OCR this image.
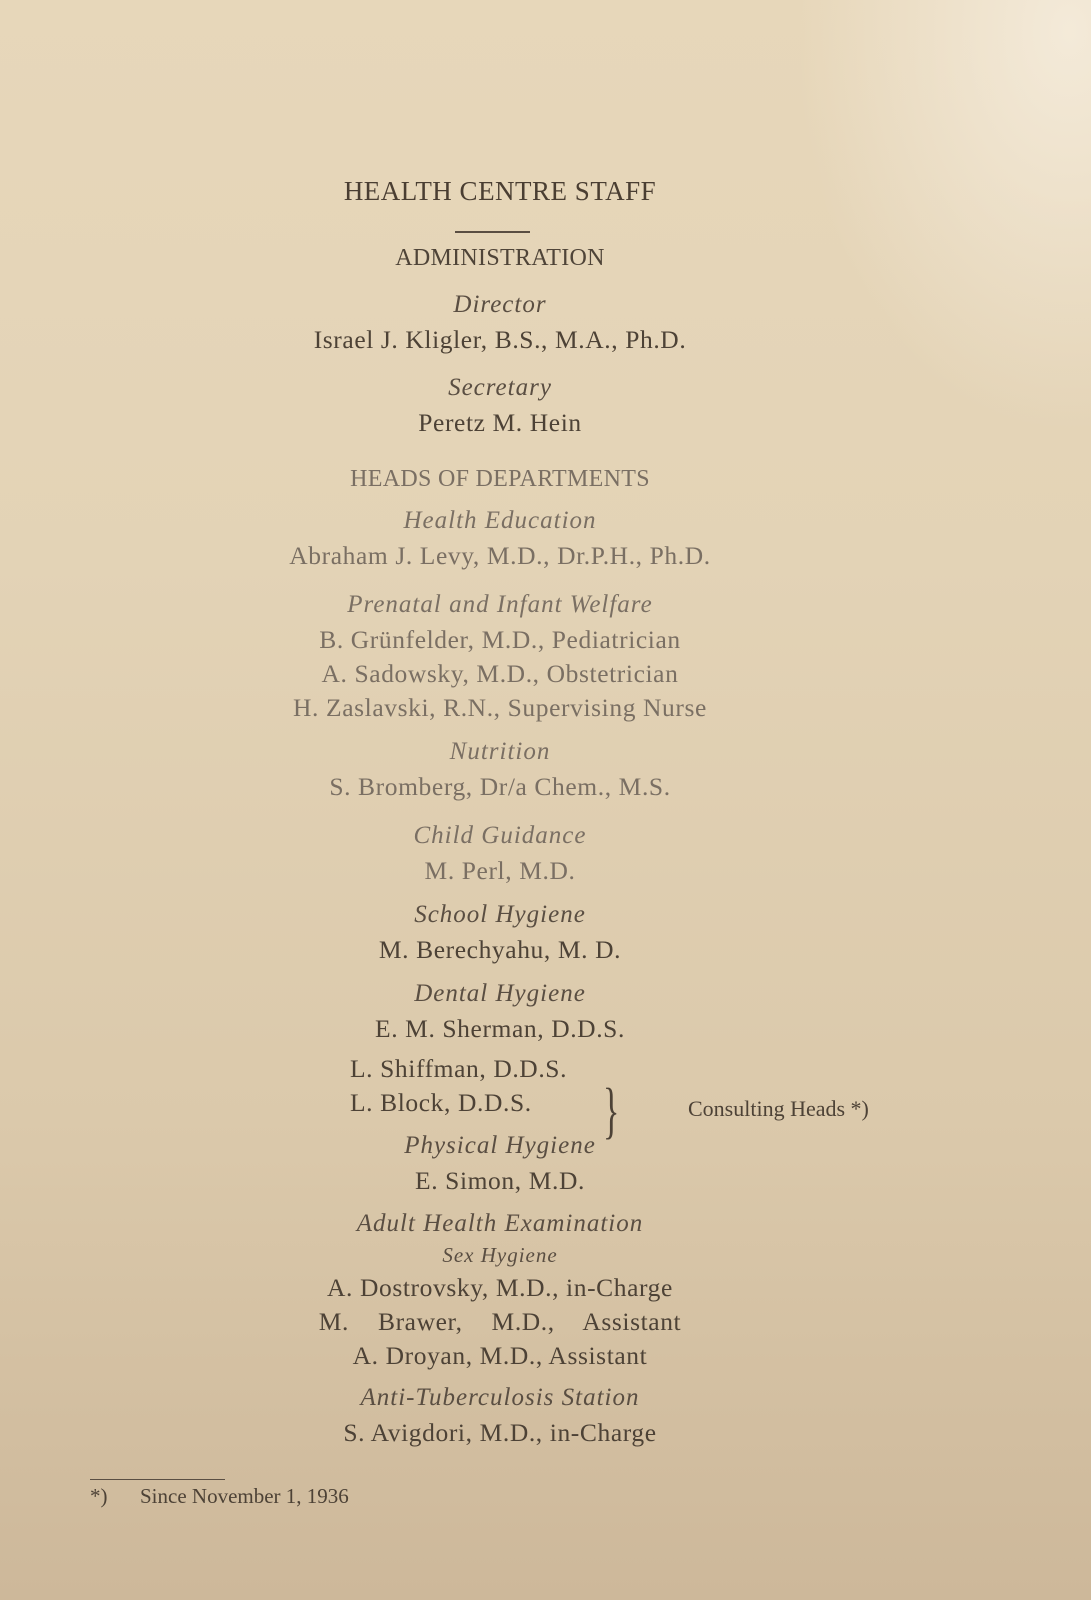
HEALTH CENTRE STAFF
ADMINISTRATION
Director
Israel J. Kligler, B.S., M.A., Ph.D.
Secretary
Peretz M. Hein
HEADS OF DEPARTMENTS
Health Education
Abraham J. Levy, M.D., Dr.P.H., Ph.D.
Prenatal and Infant Welfare
B. Grünfelder, M.D., Pediatrician
A. Sadowsky, M.D., Obstetrician
H. Zaslavski, R.N., Supervising Nurse
Nutrition
S. Bromberg, Dr/a Chem., M.S.
Child Guidance
M. Perl, M.D.
School Hygiene
M. Berechyahu, M. D.
Dental Hygiene
E. M. Sherman, D.D.S.
L. Shiffman, D.D.S.
L. Block, D.D.S. }	Consulting Heads *)
Physical Hygiene
E. Simon, M.D.
Adult Health Examination
Sex Hygiene
A. Dostrovsky, M.D., in-Charge
M. Brawer, M.D., Assistant
A. Droyan, M.D., Assistant
Anti-Tuberculosis Station
S. Avigdori, M.D., in-Charge
*) Since November 1, 1936
